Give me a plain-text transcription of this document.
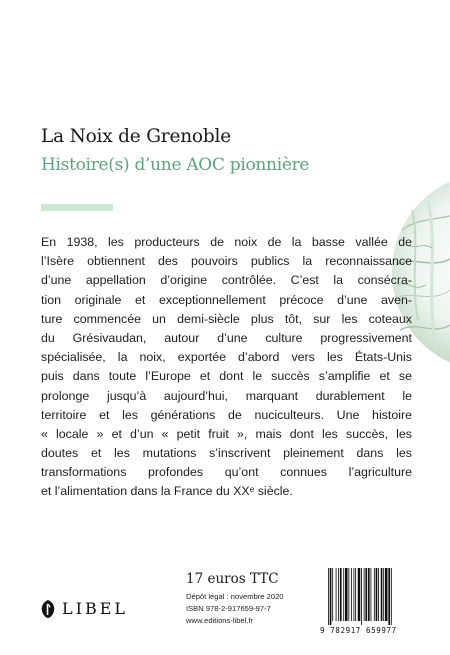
La Noix de Grenoble
Histoire(s) d’une AOC pionnière
En 1938, les producteurs de noix de la basse vallée de
l’Isère obtiennent des pouvoirs publics la reconnaissance
d’une appellation d’origine contrôlée. C’est la consécra-
tion originale et exceptionnellement précoce d’une aven-
ture commencée un demi-siècle plus tôt, sur les coteaux
du Grésivaudan, autour d’une culture progressivement
spécialisée, la noix, exportée d’abord vers les États-Unis
puis dans toute l’Europe et dont le succès s’amplifie et se
prolonge jusqu’à aujourd’hui, marquant durablement le
territoire et les générations de nuciculteurs. Une histoire
« locale » et d’un « petit fruit », mais dont les succès, les
doutes et les mutations s’inscrivent pleinement dans les
transformations profondes qu’ont connues l’agriculture
et l’alimentation dans la France du XXᵉ siècle.
LIBEL

17 euros TTC

Dépôt légal : novembre 2020
ISBN 978-2-917659-97-7
www.editions-libel.fr
9 782917 659977
